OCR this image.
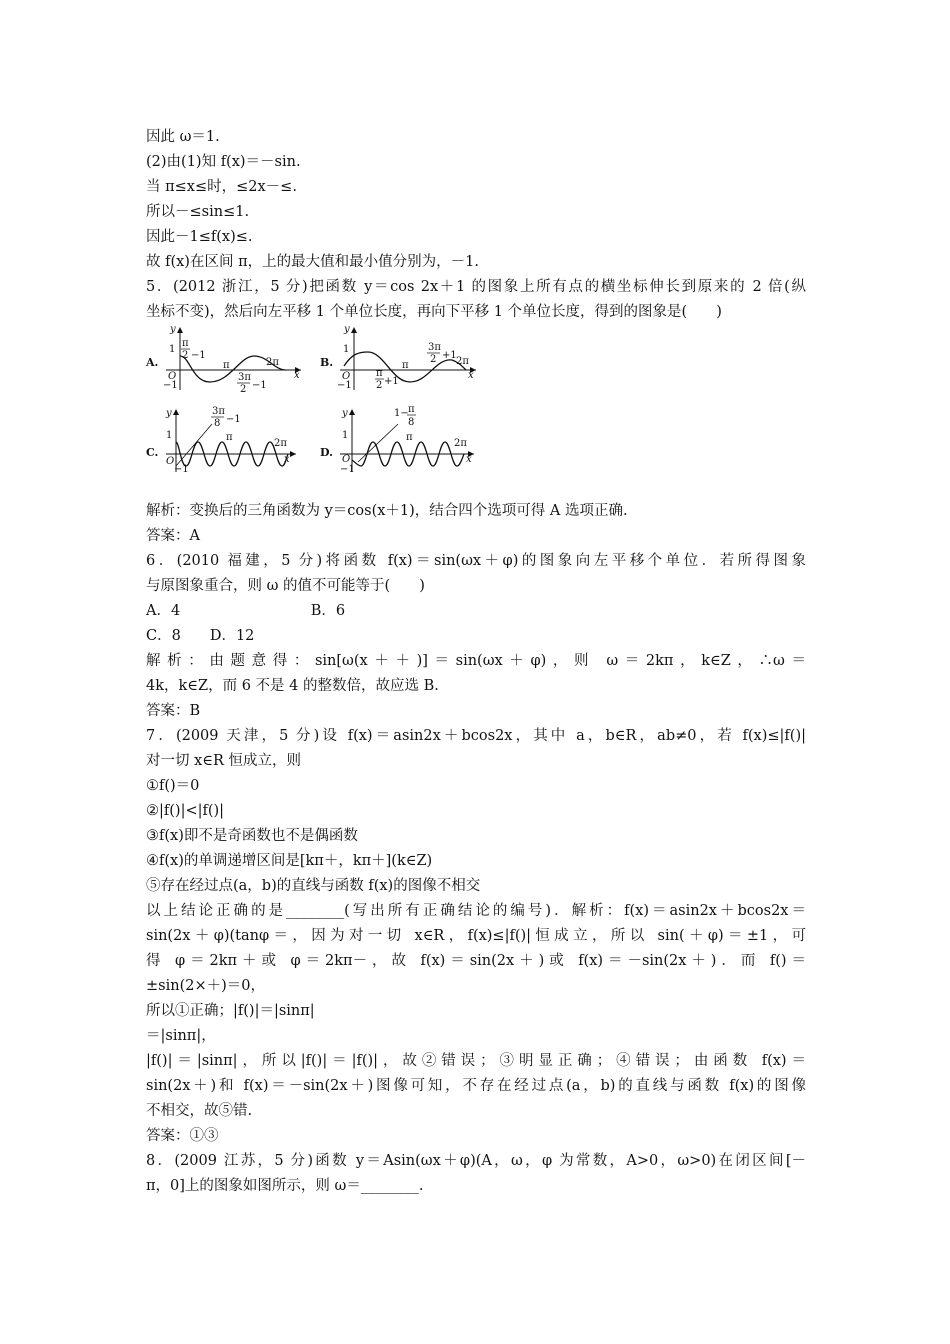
因此 ω＝1.
(2)由(1)知 f(x)＝－sin.
当 π≤x≤时，≤2x－≤.
所以－≤sin≤1.
因此－1≤f(x)≤.
故 f(x)在区间 π，上的最大值和最小值分别为，－1.
5．(2012 浙江，5 分)把函数 y＝cos 2x＋1 的图象上所有点的横坐标伸长到原来的 2 倍(纵
坐标不变)，然后向左平移 1 个单位长度，再向下平移 1 个单位长度，得到的图象是(　　)
A.
y
x
1
O
−1
π
2 −1
π	2π
3π
2 −1
B.
y
x
1
O
−1
π	2π
π
2 +1
3π
2 +1
C.
y
x
1
O
−1
3π
8 −1
π
2π
D.
y
x
1
O
−1
1− π
8
π
2π
解析：变换后的三角函数为 y＝cos(x＋1)，结合四个选项可得 A 选项正确.
答案：A
6．(2010 福建，5 分)将函数 f(x)＝sin(ωx＋φ)的图象向左平移个单位．若所得图象
与原图象重合，则 ω 的值不可能等于(　　)
A．4　　　　　　　　　B．6
C．8　　D．12
解析：由题意得：sin[ω(x＋＋)]＝sin(ωx＋φ)，则 ω＝2kπ，k∈Z，∴ω＝
4k，k∈Z，而 6 不是 4 的整数倍，故应选 B.
答案：B
7．(2009 天津，5 分)设 f(x)＝asin2x＋bcos2x，其中 a，b∈R，ab≠0，若 f(x)≤|f()|
对一切 x∈R 恒成立，则
①f()＝0
②|f()|<|f()|
③f(x)即不是奇函数也不是偶函数
④f(x)的单调递增区间是[kπ＋，kπ＋](k∈Z)
⑤存在经过点(a，b)的直线与函数 f(x)的图像不相交
以上结论正确的是________(写出所有正确结论的编号)．解析：f(x)＝asin2x＋bcos2x＝
sin(2x＋φ)(tanφ＝，因为对一切 x∈R，f(x)≤|f()|恒成立，所以 sin(＋φ)＝±1，可
得 φ＝2kπ＋或 φ＝2kπ－，故 f(x)＝sin(2x＋)或 f(x)＝－sin(2x＋)．而 f()＝
±sin(2×＋)＝0，
所以①正确；|f()|＝|sinπ|
＝|sinπ|，
|f()|＝|sinπ|，所以|f()|＝|f()|，故②错误；③明显正确；④错误；由函数 f(x)＝
sin(2x＋)和 f(x)＝－sin(2x＋)图像可知，不存在经过点(a，b)的直线与函数 f(x)的图像
不相交，故⑤错.
答案：①③
8．(2009 江苏，5 分)函数 y＝Asin(ωx＋φ)(A，ω，φ 为常数，A>0，ω>0)在闭区间[－
π，0]上的图象如图所示，则 ω＝________.
